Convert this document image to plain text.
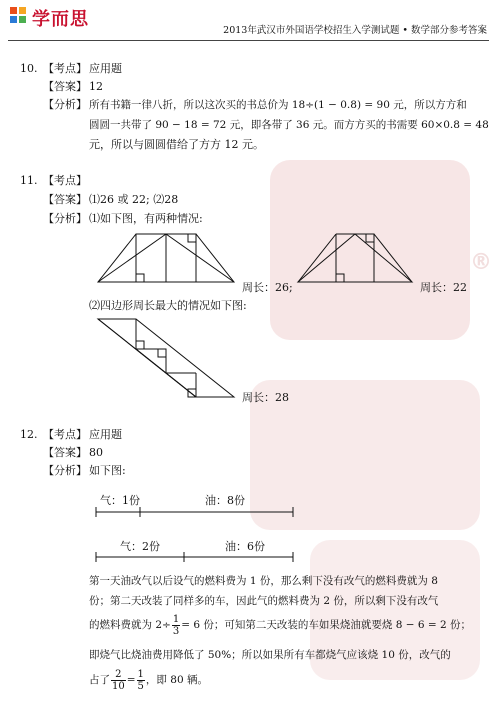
®
学而思
2013年武汉市外国语学校招生入学测试题 • 数学部分参考答案
10. 【考点】 应用题
【答案】 12
【分析】 所有书籍一律八折，所以这次买的书总价为 18÷(1 − 0.8) = 90 元，所以方方和
圆圆一共带了 90 − 18 = 72 元，即各带了 36 元。而方方买的书需要 60×0.8 = 48
元，所以与圆圆借给了方方 12 元。
11. 【考点】
【答案】 ⑴26 或 22; ⑵28
【分析】 ⑴如下图，有两种情况:
周长：26;	周长：22
⑵四边形周长最大的情况如下图:
周长：28
12. 【考点】 应用题
【答案】 80
【分析】 如下图:
气：1份	油：8份
气：2份	油：6份
第一天油改气以后设气的燃料费为 1 份，那么剩下没有改气的燃料费就为 8
份；第二天改装了同样多的车，因此气的燃料费为 2 份，所以剩下没有改气
的燃料费就为 $2\div \frac{1}{3} = 6$ 份；可知第二天改装的车如果烧油就要烧 8 − 6 = 2 份；
即烧气比烧油费用降低了 50%；所以如果所有车都烧气应该烧 10 份，改气的
占了 $\frac{2}{10} = \frac{1}{5}$ ，即 80 辆。
